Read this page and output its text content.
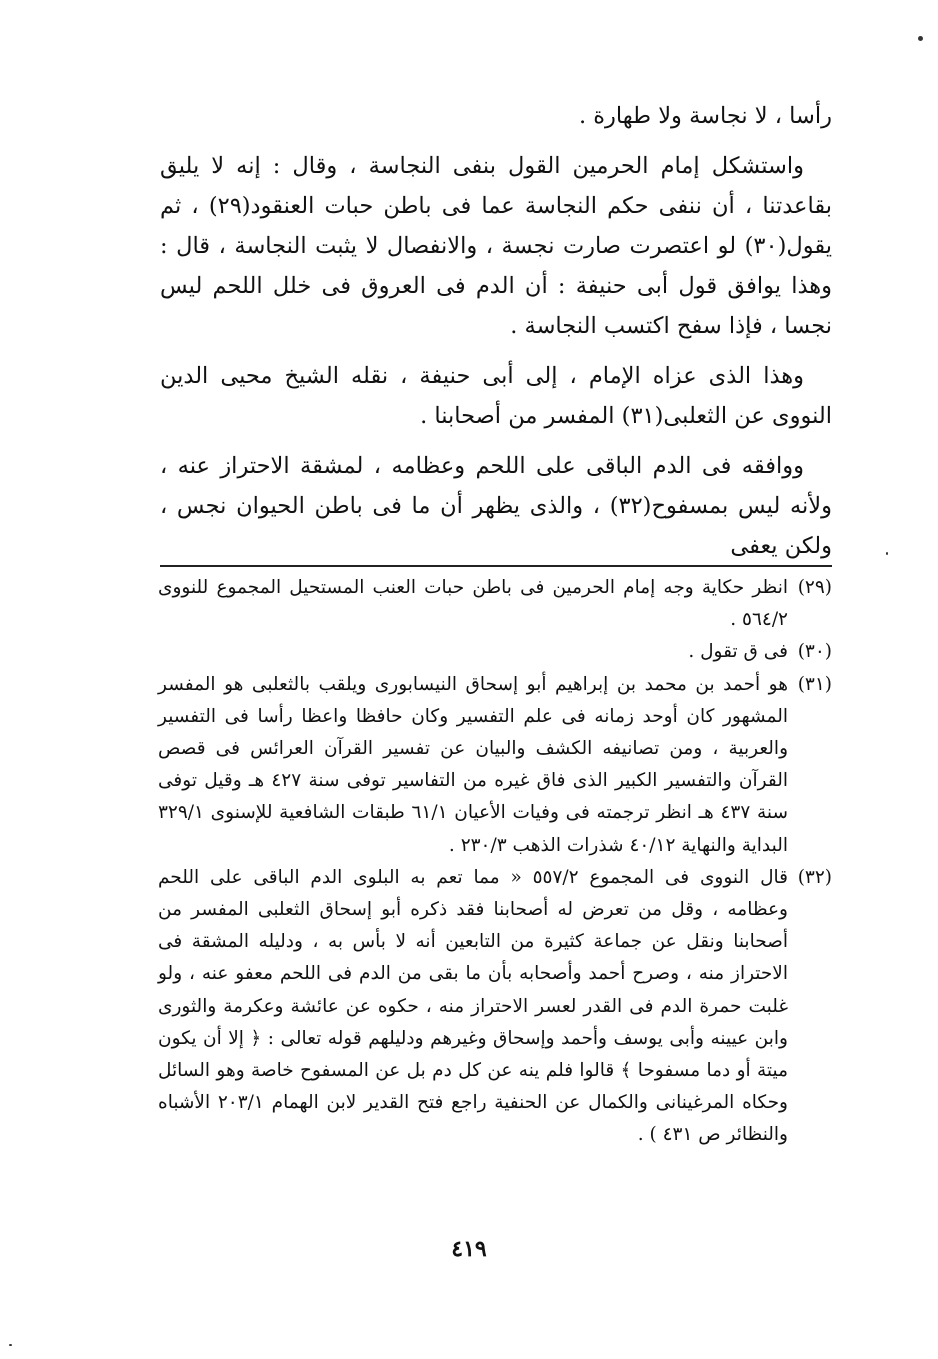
رأسا ، لا نجاسة ولا طهارة .

واستشكل إمام الحرمين القول بنفى النجاسة ، وقال : إنه لا يليق بقاعدتنا ، أن ننفى حكم النجاسة عما فى باطن حبات العنقود(٢٩) ، ثم يقول(٣٠) لو اعتصرت صارت نجسة ، والانفصال لا يثبت النجاسة ، قال : وهذا يوافق قول أبى حنيفة : أن الدم فى العروق فى خلل اللحم ليس نجسا ، فإذا سفح اكتسب النجاسة .

وهذا الذى عزاه الإمام ، إلى أبى حنيفة ، نقله الشيخ محيى الدين النووى عن الثعلبى(٣١) المفسر من أصحابنا .

ووافقه فى الدم الباقى على اللحم وعظامه ، لمشقة الاحتراز عنه ، ولأنه ليس بمسفوح(٣٢) ، والذى يظهر أن ما فى باطن الحيوان نجس ، ولكن يعفى

(٢٩)
انظر حكاية وجه إمام الحرمين فى باطن حبات العنب المستحيل المجموع للنووى ٥٦٤/٢ .
(٣٠)
فى ق تقول .
(٣١)
هو أحمد بن محمد بن إبراهيم أبو إسحاق النيسابورى ويلقب بالثعلبى هو المفسر المشهور كان أوحد زمانه فى علم التفسير وكان حافظا واعظا رأسا فى التفسير والعربية ، ومن تصانيفه الكشف والبيان عن تفسير القرآن العرائس فى قصص القرآن والتفسير الكبير الذى فاق غيره من التفاسير توفى سنة ٤٢٧ هـ وقيل توفى سنة ٤٣٧ هـ انظر ترجمته فى وفيات الأعيان ٦١/١ طبقات الشافعية للإسنوى ٣٢٩/١ البداية والنهاية ٤٠/١٢ شذرات الذهب ٢٣٠/٣ .
(٣٢)
قال النووى فى المجموع ٥٥٧/٢ « مما تعم به البلوى الدم الباقى على اللحم وعظامه ، وقل من تعرض له أصحابنا فقد ذكره أبو إسحاق الثعلبى المفسر من أصحابنا ونقل عن جماعة كثيرة من التابعين أنه لا بأس به ، ودليله المشقة فى الاحتراز منه ، وصرح أحمد وأصحابه بأن ما بقى من الدم فى اللحم معفو عنه ، ولو غلبت حمرة الدم فى القدر لعسر الاحتراز منه ، حكوه عن عائشة وعكرمة والثورى وابن عيينه وأبى يوسف وأحمد وإسحاق وغيرهم ودليلهم قوله تعالى : ﴿ إلا أن يكون ميتة أو دما مسفوحا ﴾ قالوا فلم ينه عن كل دم بل عن المسفوح خاصة وهو السائل وحكاه المرغينانى والكمال عن الحنفية راجع فتح القدير لابن الهمام ٢٠٣/١ الأشباه والنظائر ص ٤٣١ ) .
٤١٩
